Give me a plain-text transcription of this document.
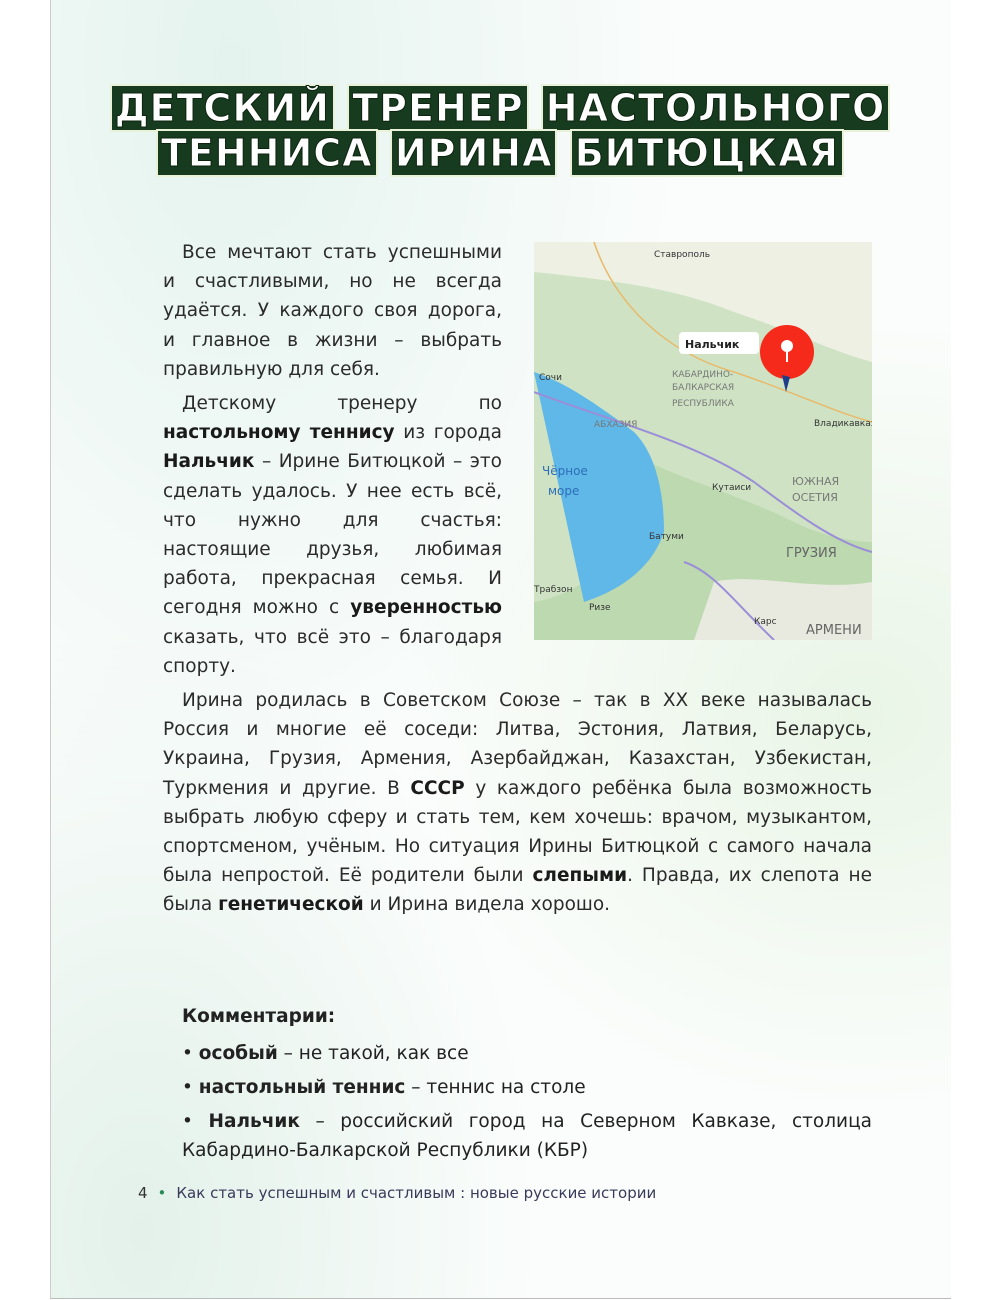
ДЕТСКИЙ ТРЕНЕР НАСТОЛЬНОГО
ТЕННИСА ИРИНА БИТЮЦКАЯ
Ставрополь
КАБАРДИНО-
БАЛКАРСКАЯ
РЕСПУБЛИКА
Сочи
АБХАЗИЯ
Чёрное
море
Владикавказ
Кутаиси	ЮЖНАЯ
ОСЕТИЯ
Батуми
ГРУЗИЯ
Трабзон
Ризе
Карс
АРМЕНИ
Нальчик

Все мечтают стать успешными и счастливыми, но не всегда удаётся. У каждого своя дорога, и главное в жизни – выбрать правильную для себя.

Детскому тренеру по настольному теннису из города Нальчик – Ирине Битюцкой – это сделать удалось. У нее есть всё, что нужно для счастья: настоящие друзья, любимая работа, прекрасная семья. И сегодня можно с уверенностью сказать, что всё это – благодаря спорту.

Ирина родилась в Советском Союзе – так в XX веке называлась Россия и многие её соседи: Литва, Эстония, Латвия, Беларусь, Украина, Грузия, Армения, Азербайджан, Казахстан, Узбекистан, Туркмения и другие. В СССР у каждого ребёнка была возможность выбрать любую сферу и стать тем, кем хочешь: врачом, музыкантом, спортсменом, учёным. Но ситуация Ирины Битюцкой с самого начала была непростой. Её родители были слепыми. Правда, их слепота не была генетической и Ирина видела хорошо.

Комментарии:
• особый – не такой, как все
• настольный теннис – теннис на столе
• Нальчик – российский город на Северном Кавказе, столица Кабардино-Балкарской Республики (КБР)
4 • Как стать успешным и счастливым : новые русские истории
